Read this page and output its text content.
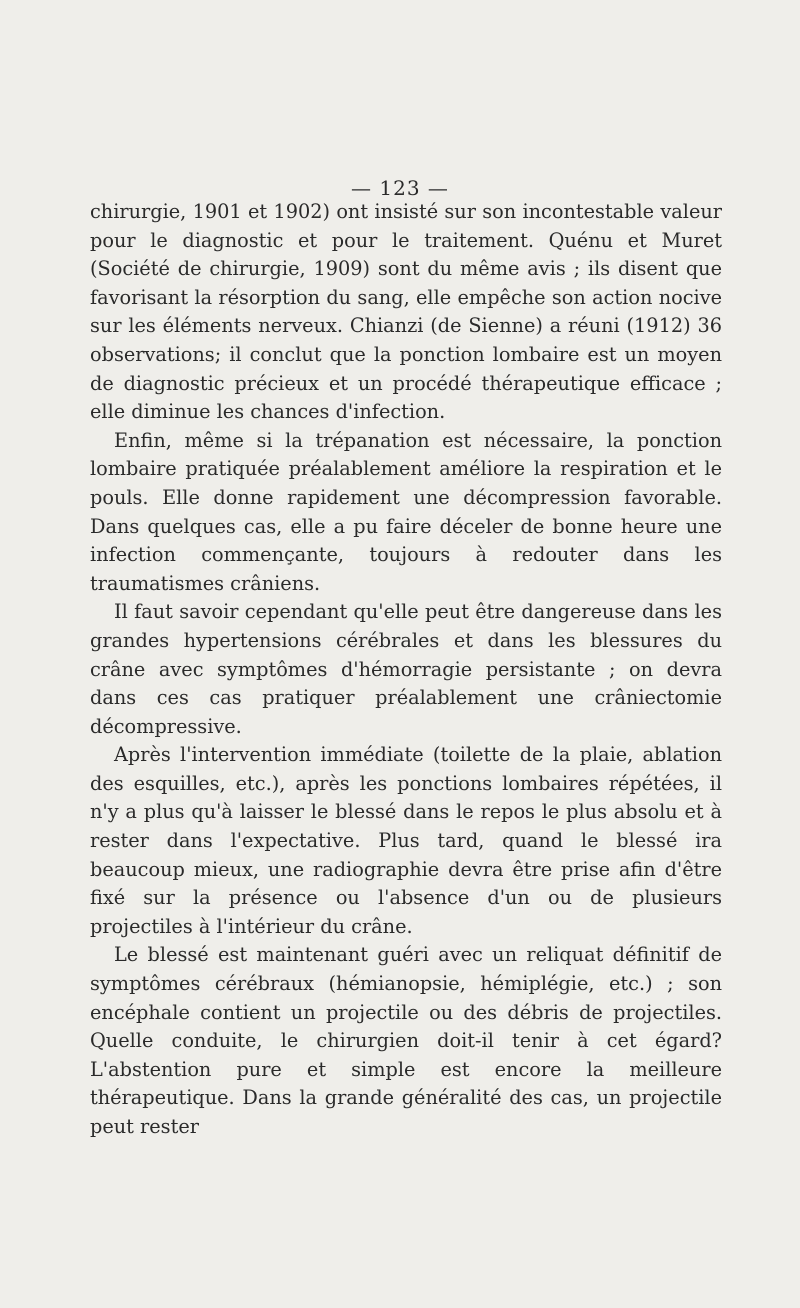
— 123 —

chirurgie, 1901 et 1902) ont insisté sur son incontestable valeur pour le diagnostic et pour le traitement. Quénu et Muret (Société de chirurgie, 1909) sont du même avis ; ils disent que favorisant la résorption du sang, elle empêche son action nocive sur les éléments nerveux. Chianzi (de Sienne) a réuni (1912) 36 observations; il conclut que la ponction lombaire est un moyen de diagnostic précieux et un procédé thérapeutique efficace ; elle diminue les chances d'infection.

Enfin, même si la trépanation est nécessaire, la ponction lombaire pratiquée préalablement améliore la respiration et le pouls. Elle donne rapidement une décompression favorable. Dans quelques cas, elle a pu faire déceler de bonne heure une infection commençante, toujours à redouter dans les traumatismes crâniens.

Il faut savoir cependant qu'elle peut être dangereuse dans les grandes hypertensions cérébrales et dans les blessures du crâne avec symptômes d'hémorragie persistante ; on devra dans ces cas pratiquer préalablement une crâniectomie décompressive.

Après l'intervention immédiate (toilette de la plaie, ablation des esquilles, etc.), après les ponctions lombaires répétées, il n'y a plus qu'à laisser le blessé dans le repos le plus absolu et à rester dans l'expectative. Plus tard, quand le blessé ira beaucoup mieux, une radiographie devra être prise afin d'être fixé sur la présence ou l'absence d'un ou de plusieurs projectiles à l'intérieur du crâne.

Le blessé est maintenant guéri avec un reliquat définitif de symptômes cérébraux (hémianopsie, hémiplégie, etc.) ; son encéphale contient un projectile ou des débris de projectiles. Quelle conduite, le chirurgien doit-il tenir à cet égard? L'abstention pure et simple est encore la meilleure thérapeutique. Dans la grande généralité des cas, un projectile peut rester
